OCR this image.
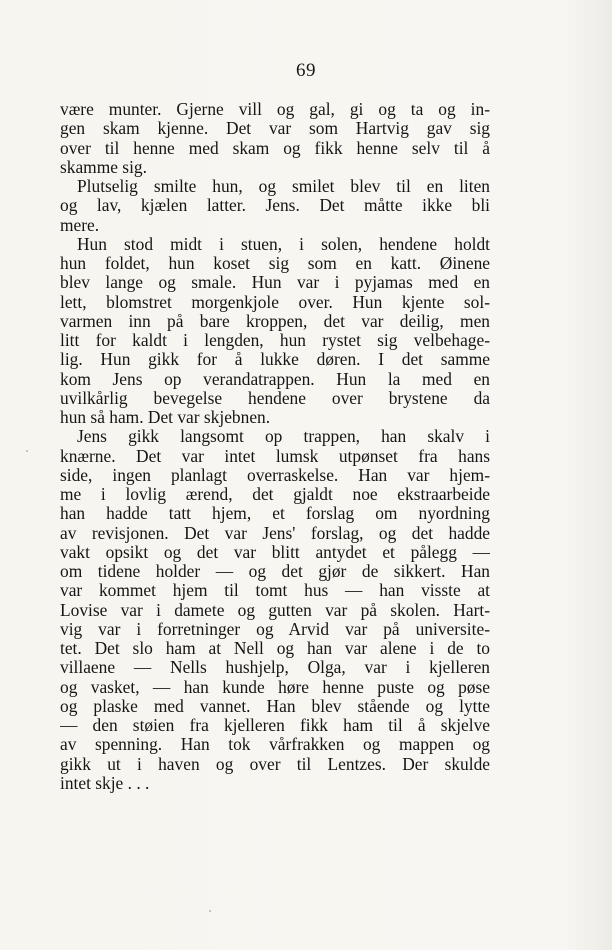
69
være munter. Gjerne vill og gal, gi og ta og in-
gen skam kjenne. Det var som Hartvig gav sig
over til henne med skam og fikk henne selv til å
skamme sig.
Plutselig smilte hun, og smilet blev til en liten
og lav, kjælen latter. Jens. Det måtte ikke bli
mere.
Hun stod midt i stuen, i solen, hendene holdt
hun foldet, hun koset sig som en katt. Øinene
blev lange og smale. Hun var i pyjamas med en
lett, blomstret morgenkjole over. Hun kjente sol-
varmen inn på bare kroppen, det var deilig, men
litt for kaldt i lengden, hun rystet sig velbehage-
lig. Hun gikk for å lukke døren. I det samme
kom Jens op verandatrappen. Hun la med en
uvilkårlig bevegelse hendene over brystene da
hun så ham. Det var skjebnen.
Jens gikk langsomt op trappen, han skalv i
knærne. Det var intet lumsk utpønset fra hans
side, ingen planlagt overraskelse. Han var hjem-
me i lovlig ærend, det gjaldt noe ekstraarbeide
han hadde tatt hjem, et forslag om nyordning
av revisjonen. Det var Jens' forslag, og det hadde
vakt opsikt og det var blitt antydet et pålegg —
om tidene holder — og det gjør de sikkert. Han
var kommet hjem til tomt hus — han visste at
Lovise var i damete og gutten var på skolen. Hart-
vig var i forretninger og Arvid var på universite-
tet. Det slo ham at Nell og han var alene i de to
villaene — Nells hushjelp, Olga, var i kjelleren
og vasket, — han kunde høre henne puste og pøse
og plaske med vannet. Han blev stående og lytte
— den støien fra kjelleren fikk ham til å skjelve
av spenning. Han tok vårfrakken og mappen og
gikk ut i haven og over til Lentzes. Der skulde
intet skje . . .
